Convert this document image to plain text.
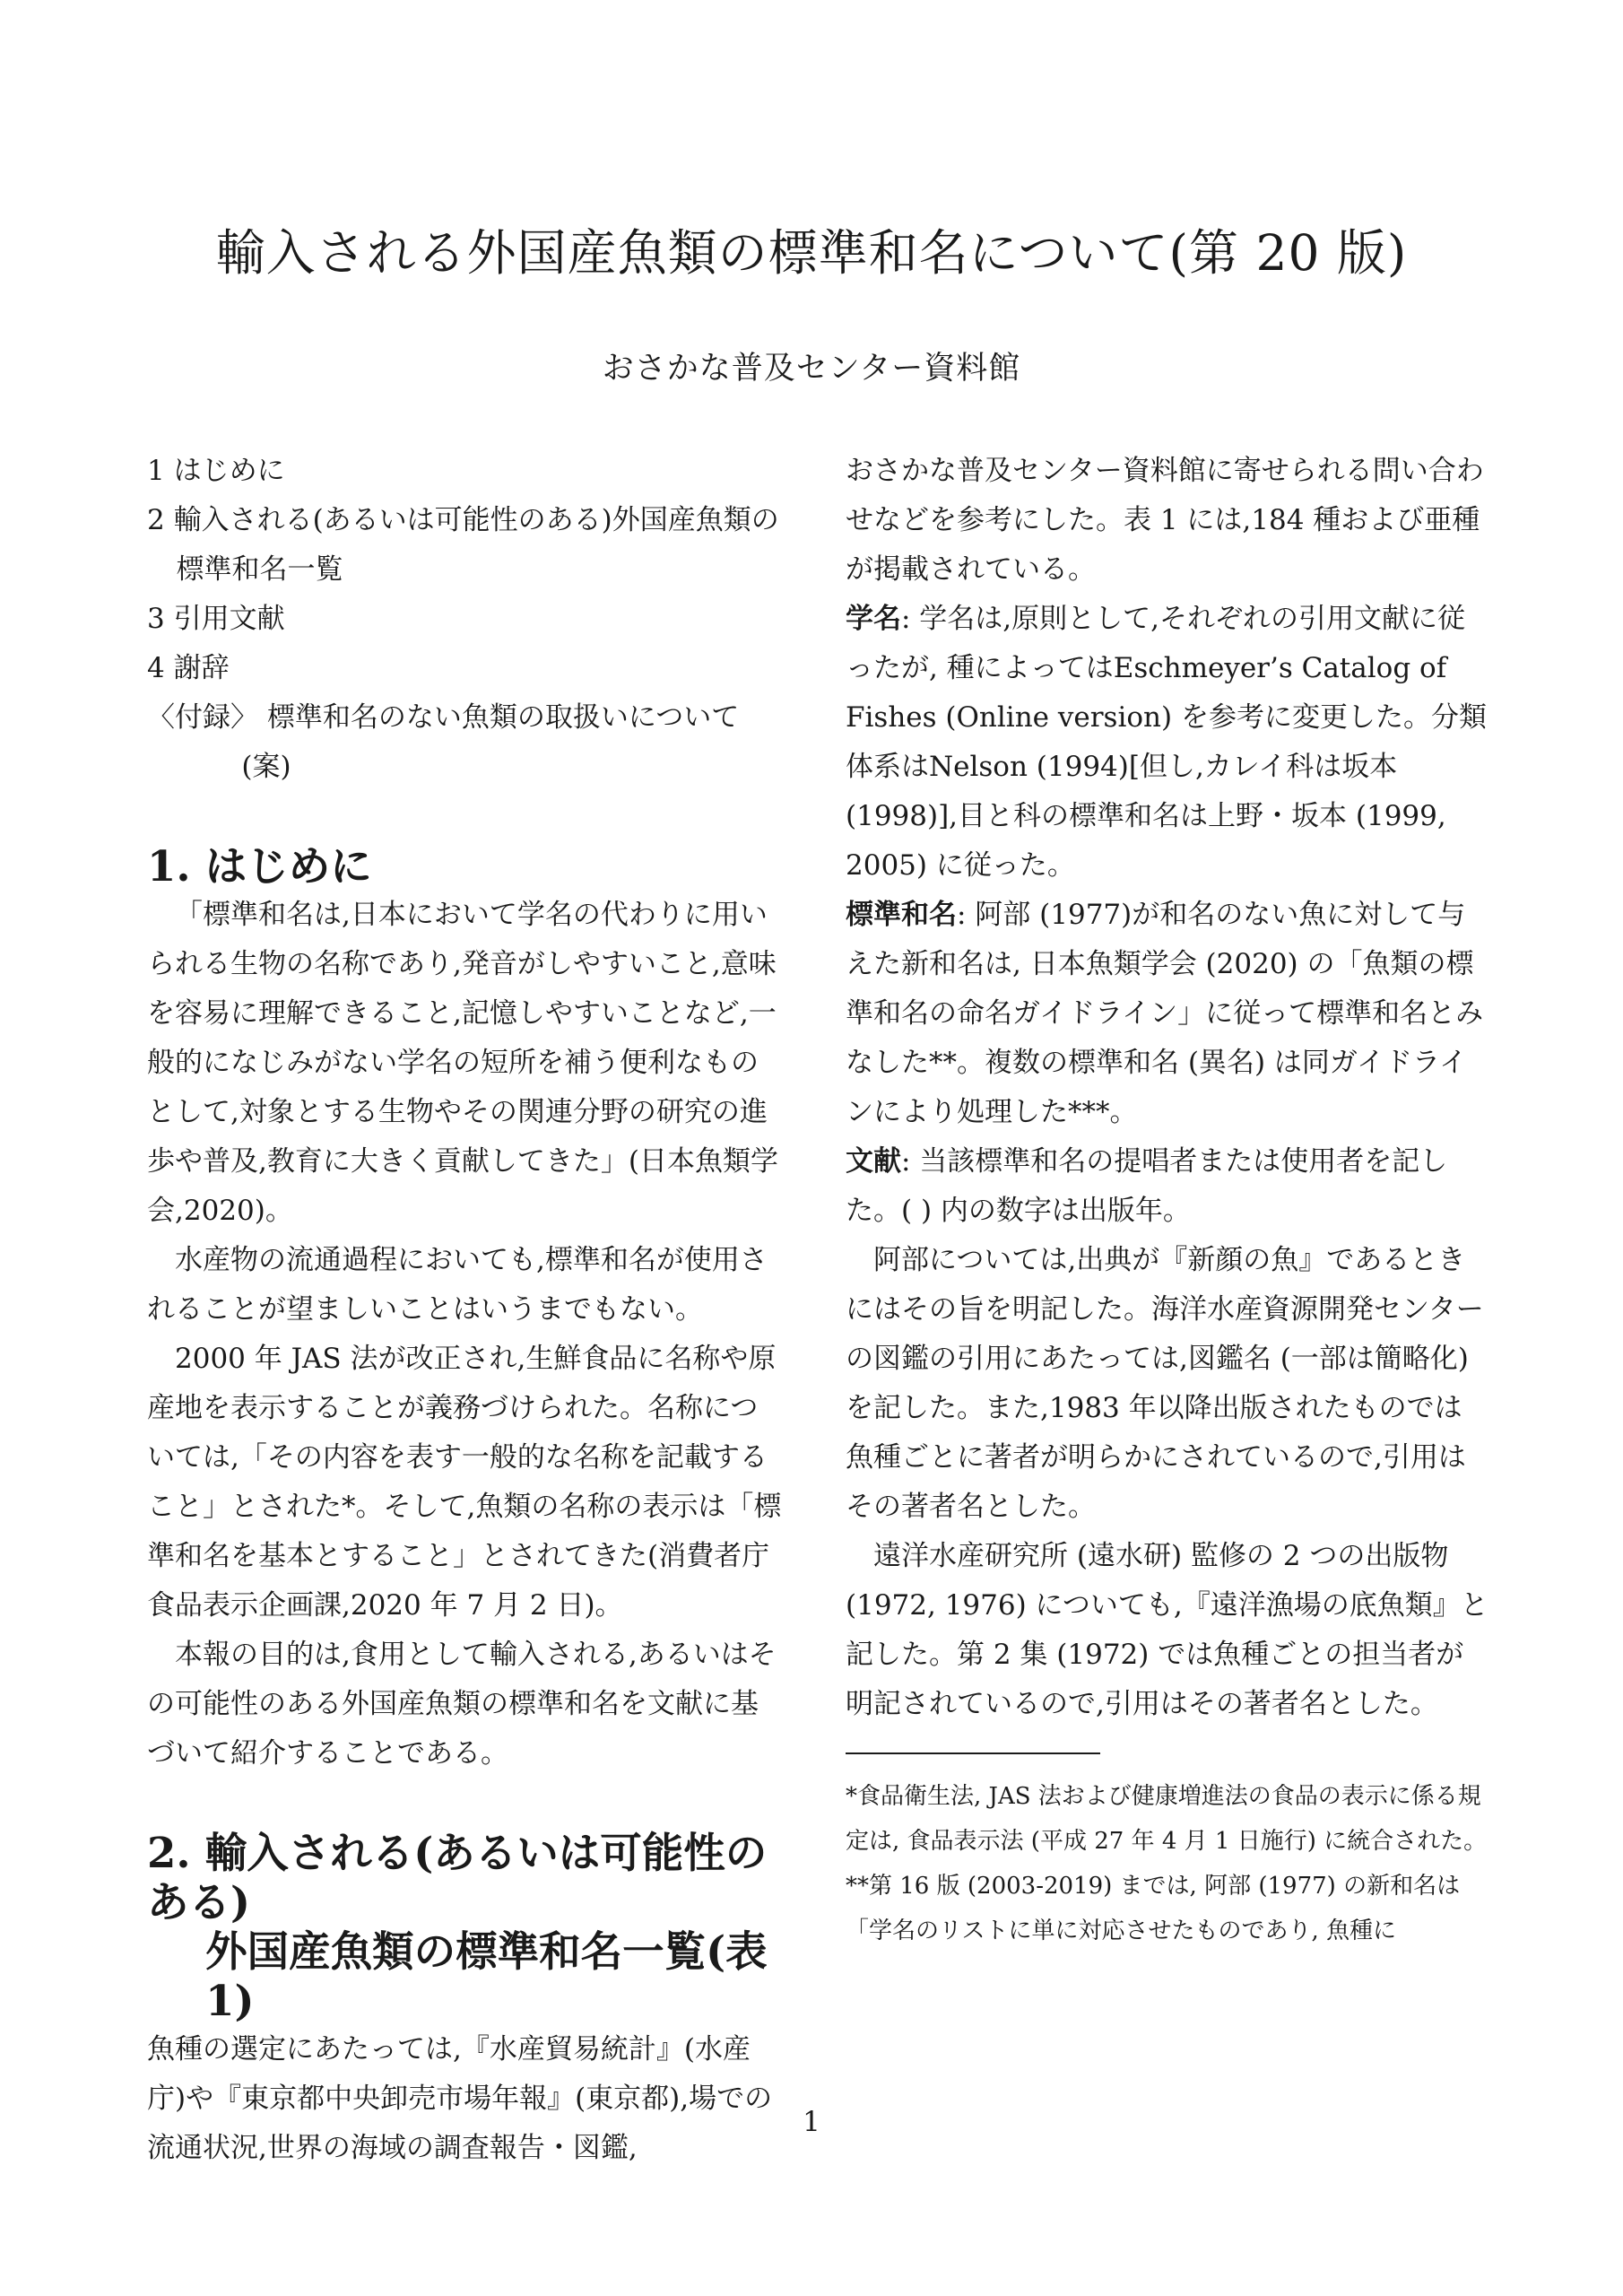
輸入される外国産魚類の標準和名について(第 20 版)
おさかな普及センター資料館
1 はじめに
2 輸入される(あるいは可能性のある)外国産魚類の標準和名一覧
3 引用文献
4 謝辞
〈付録〉 標準和名のない魚類の取扱いについて(案)
1. はじめに

「標準和名は,日本において学名の代わりに用いられる生物の名称であり,発音がしやすいこと,意味を容易に理解できること,記憶しやすいことなど,一般的になじみがない学名の短所を補う便利なものとして,対象とする生物やその関連分野の研究の進歩や普及,教育に大きく貢献してきた」(日本魚類学会,2020)。

水産物の流通過程においても,標準和名が使用されることが望ましいことはいうまでもない。

2000 年 JAS 法が改正され,生鮮食品に名称や原産地を表示することが義務づけられた。名称については,「その内容を表す一般的な名称を記載すること」とされた*。そして,魚類の名称の表示は「標準和名を基本とすること」とされてきた(消費者庁食品表示企画課,2020 年 7 月 2 日)。

本報の目的は,食用として輸入される,あるいはその可能性のある外国産魚類の標準和名を文献に基づいて紹介することである。

2. 輸入される(あるいは可能性のある)
外国産魚類の標準和名一覧(表 1)

魚種の選定にあたっては,『水産貿易統計』(水産庁)や『東京都中央卸売市場年報』(東京都),場での流通状況,世界の海域の調査報告・図鑑,

おさかな普及センター資料館に寄せられる問い合わせなどを参考にした。表 1 には,184 種および亜種が掲載されている。

学名: 学名は,原則として,それぞれの引用文献に従ったが, 種によってはEschmeyer’s Catalog of Fishes (Online version) を参考に変更した。分類体系はNelson (1994)[但し,カレイ科は坂本 (1998)],目と科の標準和名は上野・坂本 (1999, 2005) に従った。

標準和名: 阿部 (1977)が和名のない魚に対して与えた新和名は, 日本魚類学会 (2020) の「魚類の標準和名の命名ガイドライン」に従って標準和名とみなした**。複数の標準和名 (異名) は同ガイドラインにより処理した***。

文献: 当該標準和名の提唱者または使用者を記した。( ) 内の数字は出版年。

阿部については,出典が『新顔の魚』であるときにはその旨を明記した。海洋水産資源開発センターの図鑑の引用にあたっては,図鑑名 (一部は簡略化) を記した。また,1983 年以降出版されたものでは魚種ごとに著者が明らかにされているので,引用はその著者名とした。

遠洋水産研究所 (遠水研) 監修の 2 つの出版物 (1972, 1976) についても,『遠洋漁場の底魚類』と記した。第 2 集 (1972) では魚種ごとの担当者が明記されているので,引用はその著者名とした。

*食品衛生法, JAS 法および健康増進法の食品の表示に係る規定は, 食品表示法 (平成 27 年 4 月 1 日施行) に統合された。

**第 16 版 (2003-2019) までは, 阿部 (1977) の新和名は「学名のリストに単に対応させたものであり, 魚種に

1
